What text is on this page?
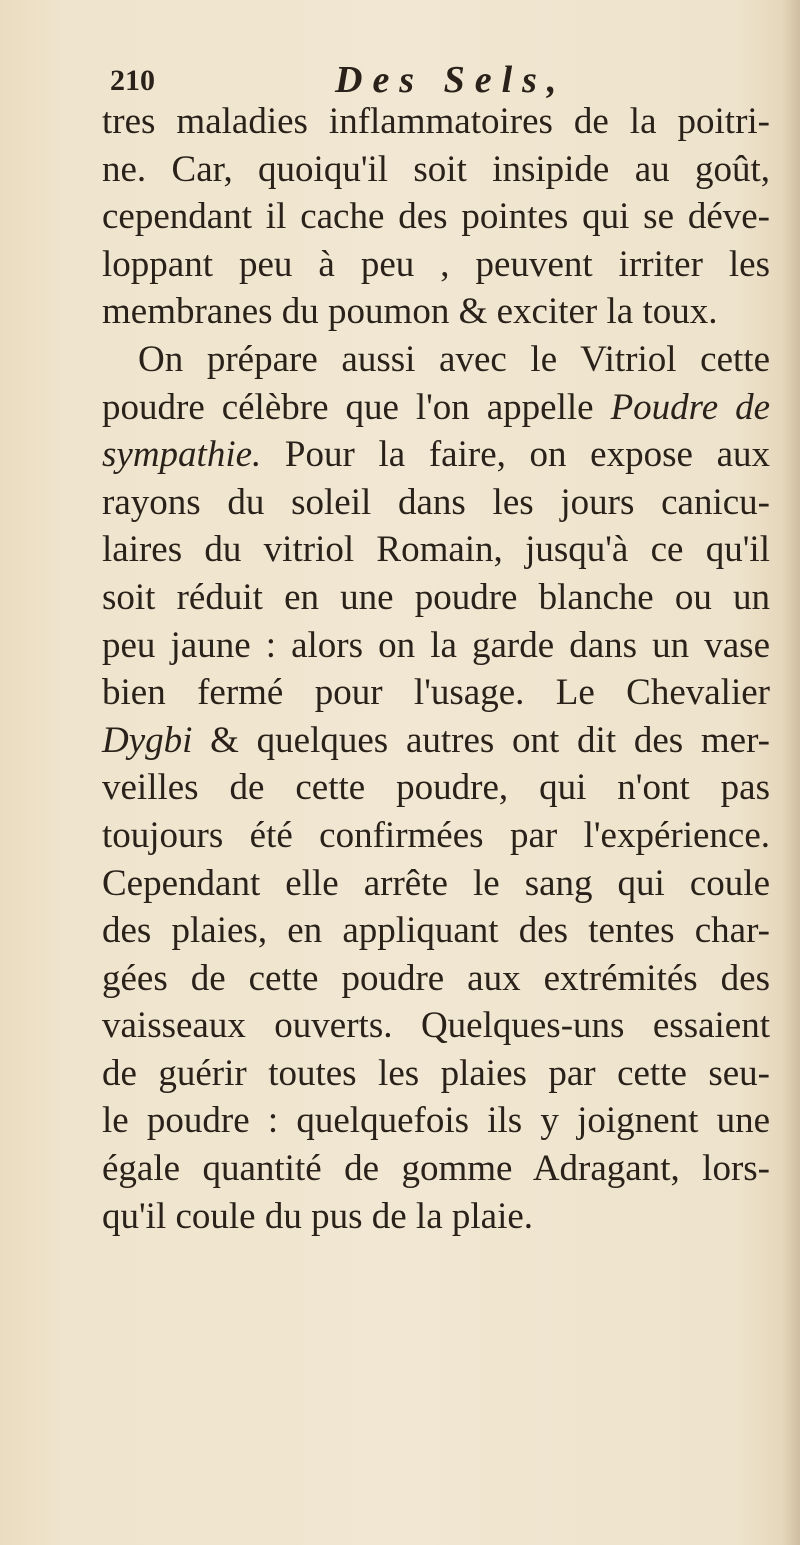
210	Des Sels,
tres maladies inflammatoires de la poitri-
ne. Car, quoiqu'il soit insipide au goût,
cependant il cache des pointes qui se déve-
loppant peu à peu , peuvent irriter les
membranes du poumon & exciter la toux.
On prépare aussi avec le Vitriol cette
poudre célèbre que l'on appelle Poudre de
sympathie. Pour la faire, on expose aux
rayons du soleil dans les jours canicu-
laires du vitriol Romain, jusqu'à ce qu'il
soit réduit en une poudre blanche ou un
peu jaune : alors on la garde dans un vase
bien fermé pour l'usage. Le Chevalier
Dygbi & quelques autres ont dit des mer-
veilles de cette poudre, qui n'ont pas
toujours été confirmées par l'expérience.
Cependant elle arrête le sang qui coule
des plaies, en appliquant des tentes char-
gées de cette poudre aux extrémités des
vaisseaux ouverts. Quelques-uns essaient
de guérir toutes les plaies par cette seu-
le poudre : quelquefois ils y joignent une
égale quantité de gomme Adragant, lors-
qu'il coule du pus de la plaie.
